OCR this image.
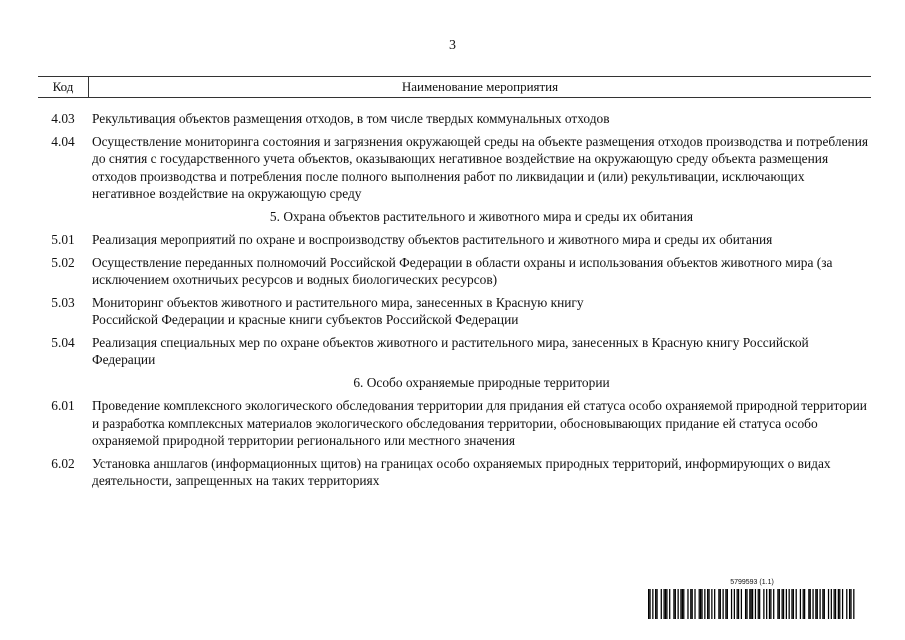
3
Код	Наименование мероприятия
4.03	Рекультивация объектов размещения отходов, в том числе твердых коммунальных отходов
4.04	Осуществление мониторинга состояния и загрязнения окружающей среды на объекте размещения отходов производства и потребления до снятия с государственного учета объектов, оказывающих негативное воздействие на окружающую среду объекта размещения отходов производства и потребления после полного выполнения работ по ликвидации и (или) рекультивации, исключающих негативное воздействие на окружающую среду
5. Охрана объектов растительного и животного мира и среды их обитания
5.01	Реализация мероприятий по охране и воспроизводству объектов растительного и животного мира и среды их обитания
5.02	Осуществление переданных полномочий Российской Федерации в области охраны и использования объектов животного мира (за исключением охотничьих ресурсов и водных биологических ресурсов)
5.03	Мониторинг объектов животного и растительного мира, занесенных в Красную книгу
Российской Федерации и красные книги субъектов Российской Федерации
5.04	Реализация специальных мер по охране объектов животного и растительного мира, занесенных в Красную книгу Российской Федерации
6. Особо охраняемые природные территории
6.01	Проведение комплексного экологического обследования территории для придания ей статуса особо охраняемой природной территории и разработка комплексных материалов экологического обследования территории, обосновывающих придание ей статуса особо охраняемой природной территории регионального или местного значения
6.02	Установка аншлагов (информационных щитов) на границах особо охраняемых природных территорий, информирующих о видах деятельности, запрещенных на таких территориях
5799593 (1.1)
